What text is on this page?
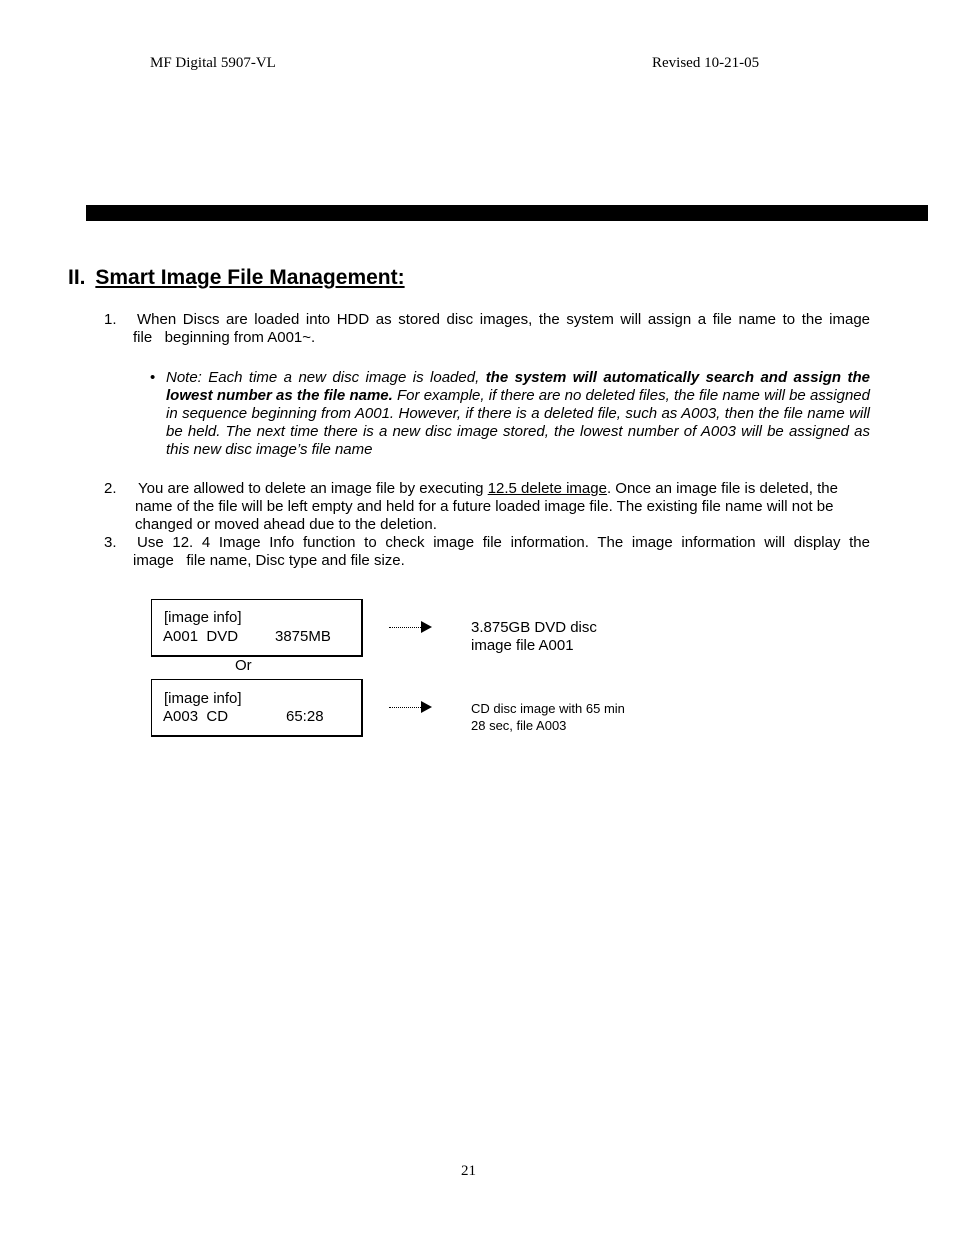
MF Digital 5907-VL	Revised 10-21-05
II. Smart Image File Management:
1. When Discs are loaded into HDD as stored disc images, the system will assign a file name to the image
file   beginning from A001~.
• Note: Each time a new disc image is loaded, the system will automatically search and assign the lowest number as the file name. For example, if there are no deleted files, the file name will be assigned in sequence beginning from A001. However, if there is a deleted file, such as A003, then the file name will be held. The next time there is a new disc image stored, the lowest number of A003 will be assigned as this new disc image’s file name
2. You are allowed to delete an image file by executing 12.5 delete image. Once an image file is deleted, the
name of the file will be left empty and held for a future loaded image file. The existing file name will not be
changed or moved ahead due to the deletion.
3. Use 12. 4 Image Info function to check image file information. The image information will display the
image   file name, Disc type and file size.
[image info]
A001  DVD 3875MB
3.875GB DVD disc
image file A001
Or
[image info]
A003  CD	65:28	CD disc image with 65 min
28 sec, file A003
21
